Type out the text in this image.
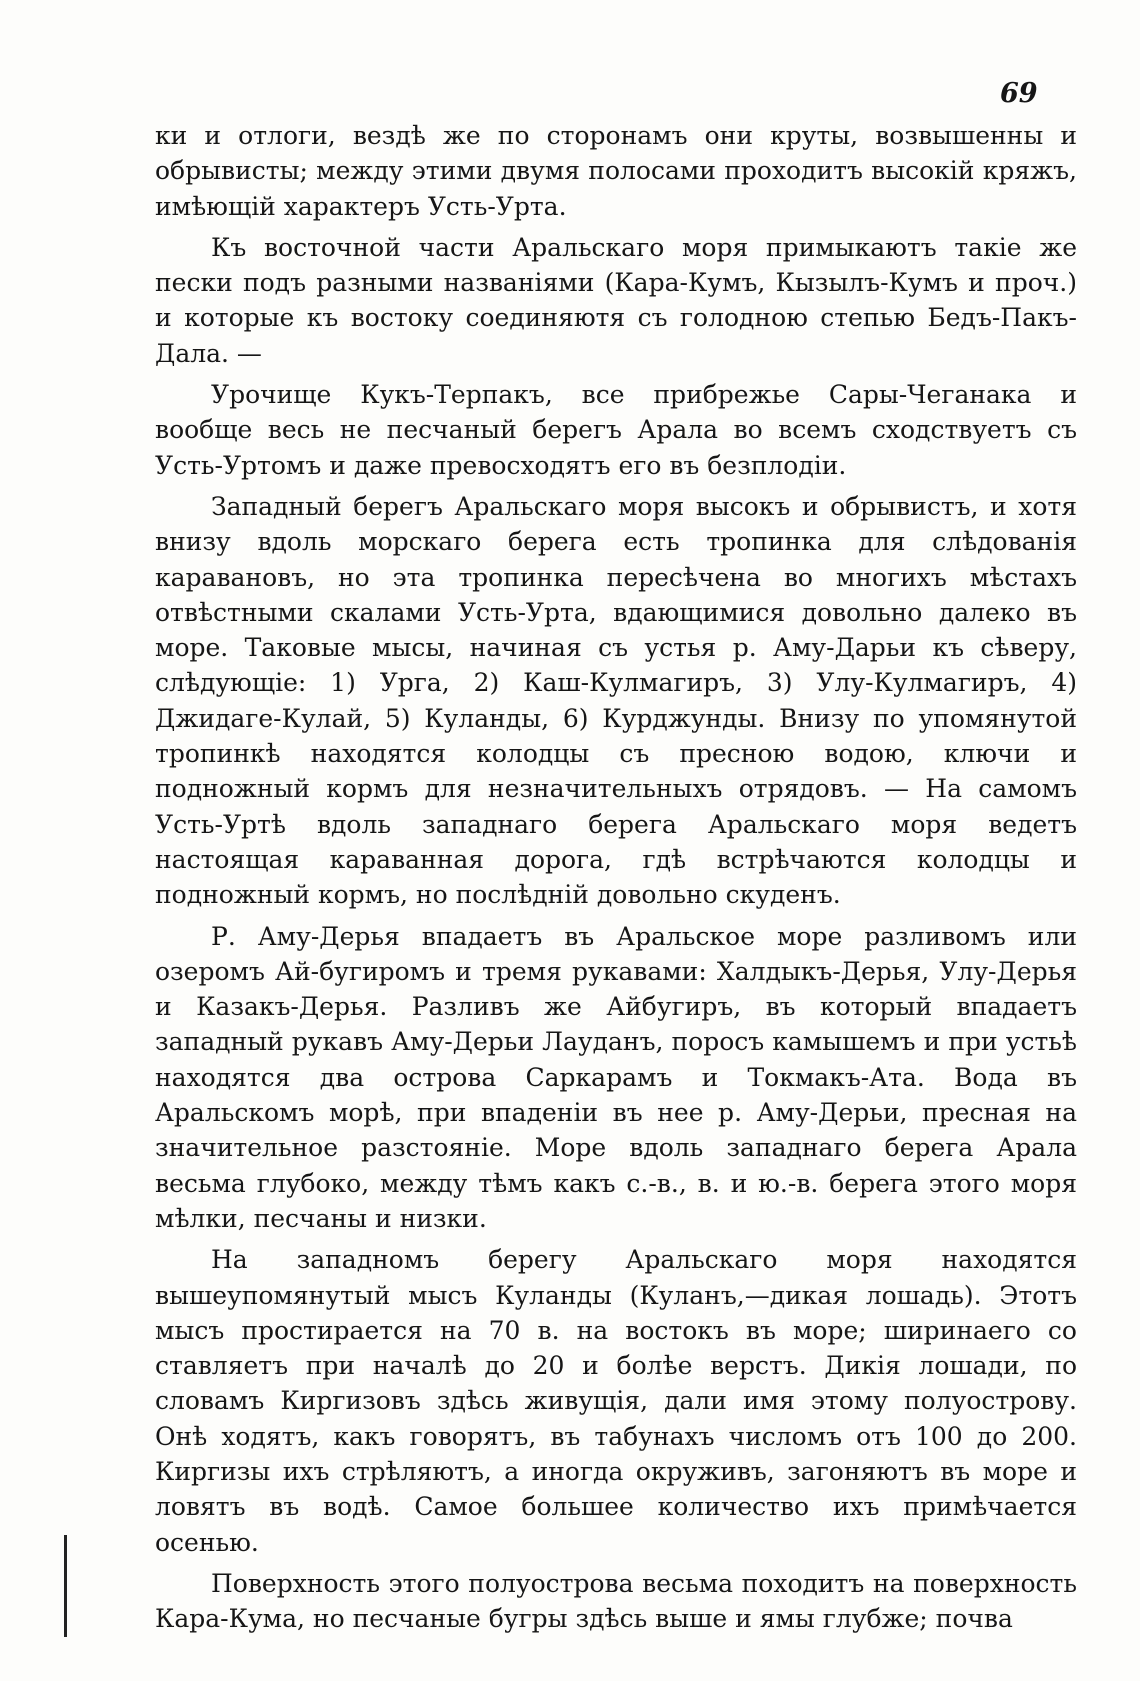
69

ки и отлоги, вездѣ же по сторонамъ они круты, возвышенны и обрывисты; между этими двумя полосами проходитъ высокій кряжъ, имѣющій характеръ Усть-Урта.

Къ восточной части Аральскаго моря примыкаютъ такіе же пески подъ разными названіями (Кара-Кумъ, Кызылъ-Кумъ и проч.) и которые къ востоку соединяютя съ голодною степью Бедъ-Пакъ-Дала. —

Урочище Кукъ-Терпакъ, все прибрежье Сары-Чеганака и вообще весь не песчаный берегъ Арала во всемъ сходствуетъ съ Усть-Уртомъ и даже превосходятъ его въ безплодіи.

Западный берегъ Аральскаго моря высокъ и обрывистъ, и хотя внизу вдоль морскаго берега есть тропинка для слѣдованія каравановъ, но эта тропинка пересѣчена во многихъ мѣстахъ отвѣстными скалами Усть-Урта, вдающимися довольно далеко въ море. Таковые мысы, начиная съ устья р. Аму-Дарьи къ сѣверу, слѣдующіе: 1) Урга, 2) Каш-Кулмагиръ, 3) Улу-Кулмагиръ, 4) Джидаге-Кулай, 5) Куланды, 6) Курджунды. Внизу по упомянутой тропинкѣ находятся колодцы съ пресною водою, ключи и подножный кормъ для незначительныхъ отрядовъ. — На самомъ Усть-Уртѣ вдоль западнаго берега Аральскаго моря ведетъ настоящая караванная дорога, гдѣ встрѣчаются колодцы и подножный кормъ, но послѣдній довольно скуденъ.

Р. Аму-Дерья впадаетъ въ Аральское море разливомъ или озеромъ Ай-бугиромъ и тремя рукавами: Халдыкъ-Дерья, Улу-Дерья и Казакъ-Дерья. Разливъ же Айбугиръ, въ который впадаетъ западный рукавъ Аму-Дерьи Лауданъ, поросъ камышемъ и при устьѣ находятся два острова Саркарамъ и Токмакъ-Ата. Вода въ Аральскомъ морѣ, при впаденіи въ нее р. Аму-Дерьи, пресная на значительное разстояніе. Море вдоль западнаго берега Арала весьма глубоко, между тѣмъ какъ с.-в., в. и ю.-в. берега этого моря мѣлки, песчаны и низки.

На западномъ берегу Аральскаго моря находятся вышеупомянутый мысъ Куланды (Куланъ,—дикая лошадь). Этотъ мысъ простирается на 70 в. на востокъ въ море; ширинаего со ставляетъ при началѣ до 20 и болѣе верстъ. Дикія лошади, по словамъ Киргизовъ здѣсь живущія, дали имя этому полуострову. Онѣ ходятъ, какъ говорятъ, въ табунахъ числомъ отъ 100 до 200. Киргизы ихъ стрѣляютъ, а иногда окруживъ, загоняютъ въ море и ловятъ въ водѣ. Самое большее количество ихъ примѣчается осенью.

Поверхность этого полуострова весьма походитъ на поверхность Кара-Кума, но песчаные бугры здѣсь выше и ямы глубже; почва
